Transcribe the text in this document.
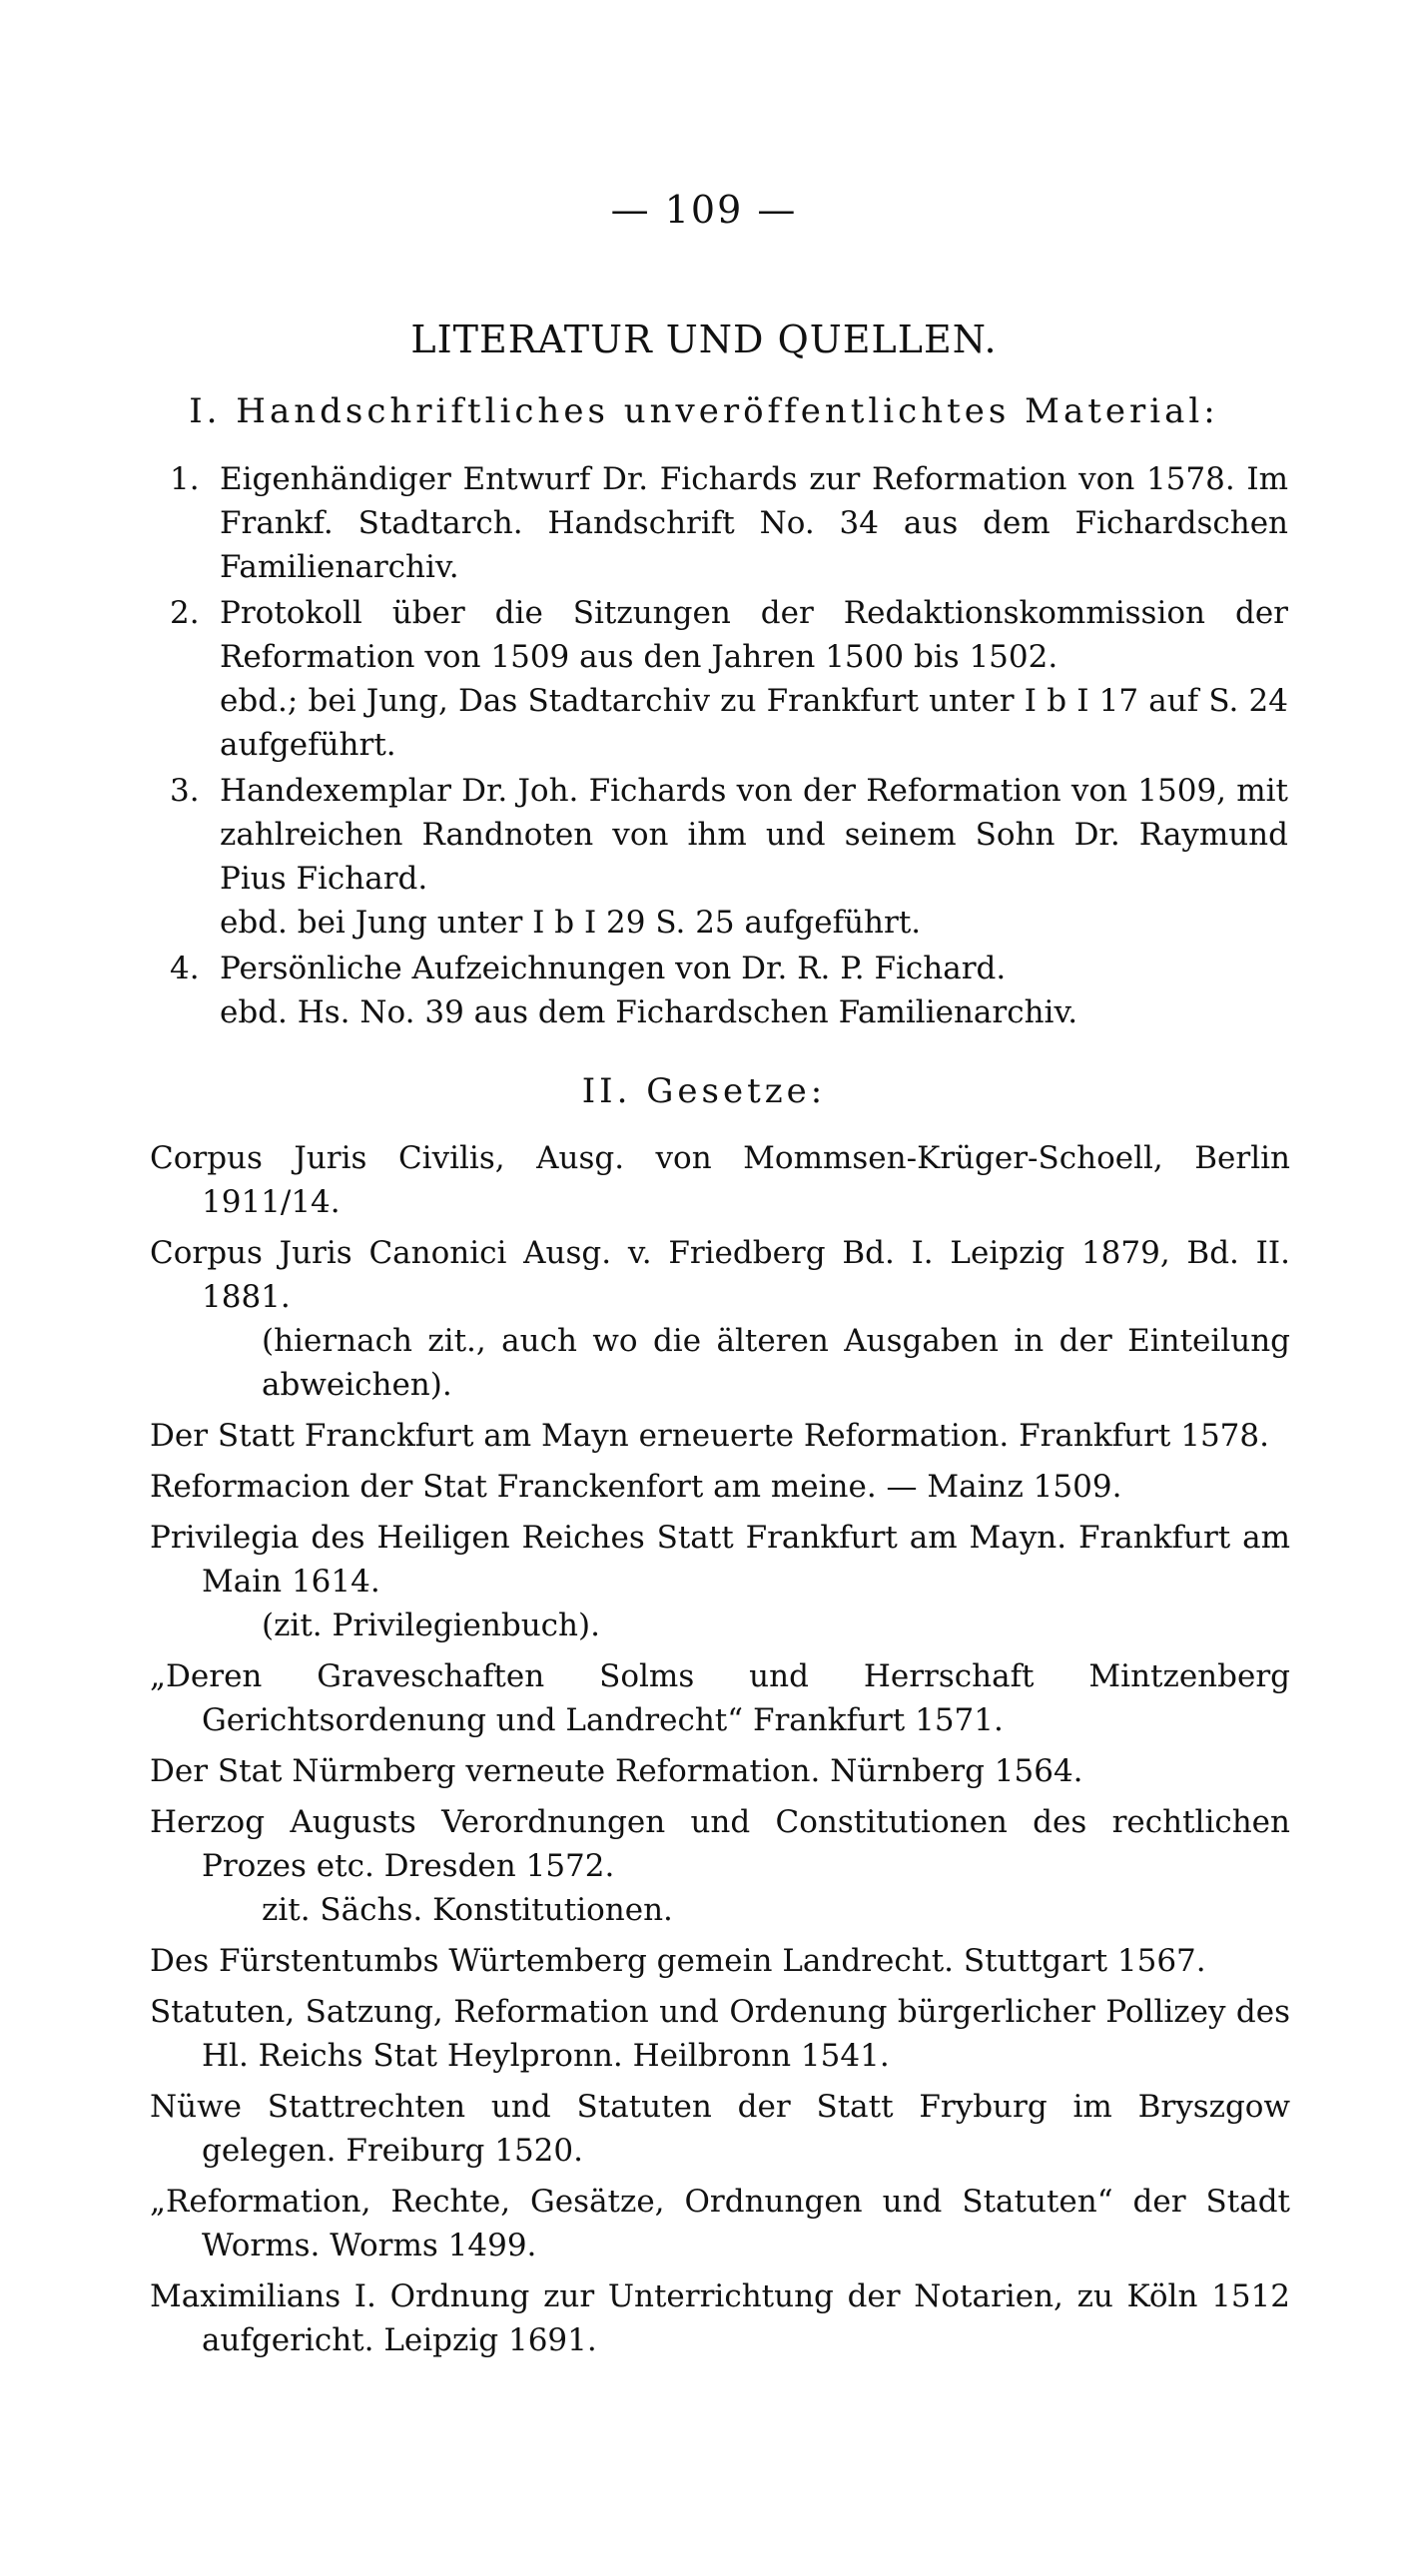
— 109 —
LITERATUR UND QUELLEN.
I. Handschriftliches unveröffentlichtes Material:
1. Eigenhändiger Entwurf Dr. Fichards zur Reformation von 1578. Im Frankf. Stadtarch. Handschrift No. 34 aus dem Fichardschen Familienarchiv.
2. Protokoll über die Sitzungen der Redaktionskommission der Reformation von 1509 aus den Jahren 1500 bis 1502.
ebd.; bei Jung, Das Stadtarchiv zu Frankfurt unter I b I 17 auf S. 24 aufgeführt.
3. Handexemplar Dr. Joh. Fichards von der Reformation von 1509, mit zahlreichen Randnoten von ihm und seinem Sohn Dr. Raymund Pius Fichard.
ebd. bei Jung unter I b I 29 S. 25 aufgeführt.
4. Persönliche Aufzeichnungen von Dr. R. P. Fichard.
ebd. Hs. No. 39 aus dem Fichardschen Familienarchiv.
II. Gesetze:
Corpus Juris Civilis, Ausg. von Mommsen-Krüger-Schoell, Berlin 1911/14.
Corpus Juris Canonici Ausg. v. Friedberg Bd. I. Leipzig 1879, Bd. II. 1881.
(hiernach zit., auch wo die älteren Ausgaben in der Einteilung abweichen).
Der Statt Franckfurt am Mayn erneuerte Reformation. Frankfurt 1578.
Reformacion der Stat Franckenfort am meine. — Mainz 1509.
Privilegia des Heiligen Reiches Statt Frankfurt am Mayn. Frankfurt am Main 1614.
(zit. Privilegienbuch).
„Deren Graveschaften Solms und Herrschaft Mintzenberg Gerichtsordenung und Landrecht“ Frankfurt 1571.
Der Stat Nürmberg verneute Reformation. Nürnberg 1564.
Herzog Augusts Verordnungen und Constitutionen des rechtlichen Prozes etc. Dresden 1572.
zit. Sächs. Konstitutionen.
Des Fürstentumbs Würtemberg gemein Landrecht. Stuttgart 1567.
Statuten, Satzung, Reformation und Ordenung bürgerlicher Pollizey des Hl. Reichs Stat Heylpronn. Heilbronn 1541.
Nüwe Stattrechten und Statuten der Statt Fryburg im Bryszgow gelegen. Freiburg 1520.
„Reformation, Rechte, Gesätze, Ordnungen und Statuten“ der Stadt Worms. Worms 1499.
Maximilians I. Ordnung zur Unterrichtung der Notarien, zu Köln 1512 aufgericht. Leipzig 1691.
